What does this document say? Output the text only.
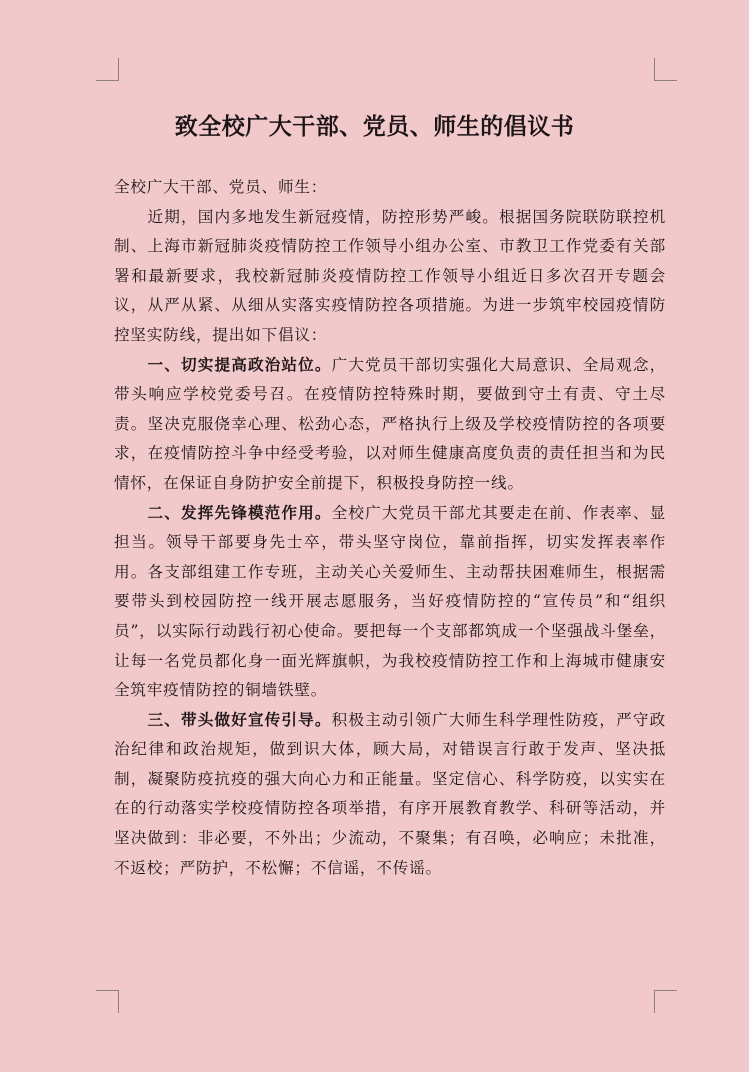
致全校广大干部、党员、师生的倡议书

全校广大干部、党员、师生：

近期，国内多地发生新冠疫情，防控形势严峻。根据国务院联防联控机制、上海市新冠肺炎疫情防控工作领导小组办公室、市教卫工作党委有关部署和最新要求，我校新冠肺炎疫情防控工作领导小组近日多次召开专题会议，从严从紧、从细从实落实疫情防控各项措施。为进一步筑牢校园疫情防控坚实防线，提出如下倡议：

一、切实提高政治站位。广大党员干部切实强化大局意识、全局观念，带头响应学校党委号召。在疫情防控特殊时期，要做到守土有责、守土尽责。坚决克服侥幸心理、松劲心态，严格执行上级及学校疫情防控的各项要求，在疫情防控斗争中经受考验，以对师生健康高度负责的责任担当和为民情怀，在保证自身防护安全前提下，积极投身防控一线。

二、发挥先锋模范作用。全校广大党员干部尤其要走在前、作表率、显担当。领导干部要身先士卒，带头坚守岗位，靠前指挥，切实发挥表率作用。各支部组建工作专班，主动关心关爱师生、主动帮扶困难师生，根据需要带头到校园防控一线开展志愿服务，当好疫情防控的“宣传员”和“组织员”，以实际行动践行初心使命。要把每一个支部都筑成一个坚强战斗堡垒，让每一名党员都化身一面光辉旗帜，为我校疫情防控工作和上海城市健康安全筑牢疫情防控的铜墙铁壁。

三、带头做好宣传引导。积极主动引领广大师生科学理性防疫，严守政治纪律和政治规矩，做到识大体，顾大局，对错误言行敢于发声、坚决抵制，凝聚防疫抗疫的强大向心力和正能量。坚定信心、科学防疫，以实实在在的行动落实学校疫情防控各项举措，有序开展教育教学、科研等活动，并坚决做到：非必要，不外出；少流动，不聚集；有召唤，必响应；未批准，不返校；严防护，不松懈；不信谣，不传谣。
